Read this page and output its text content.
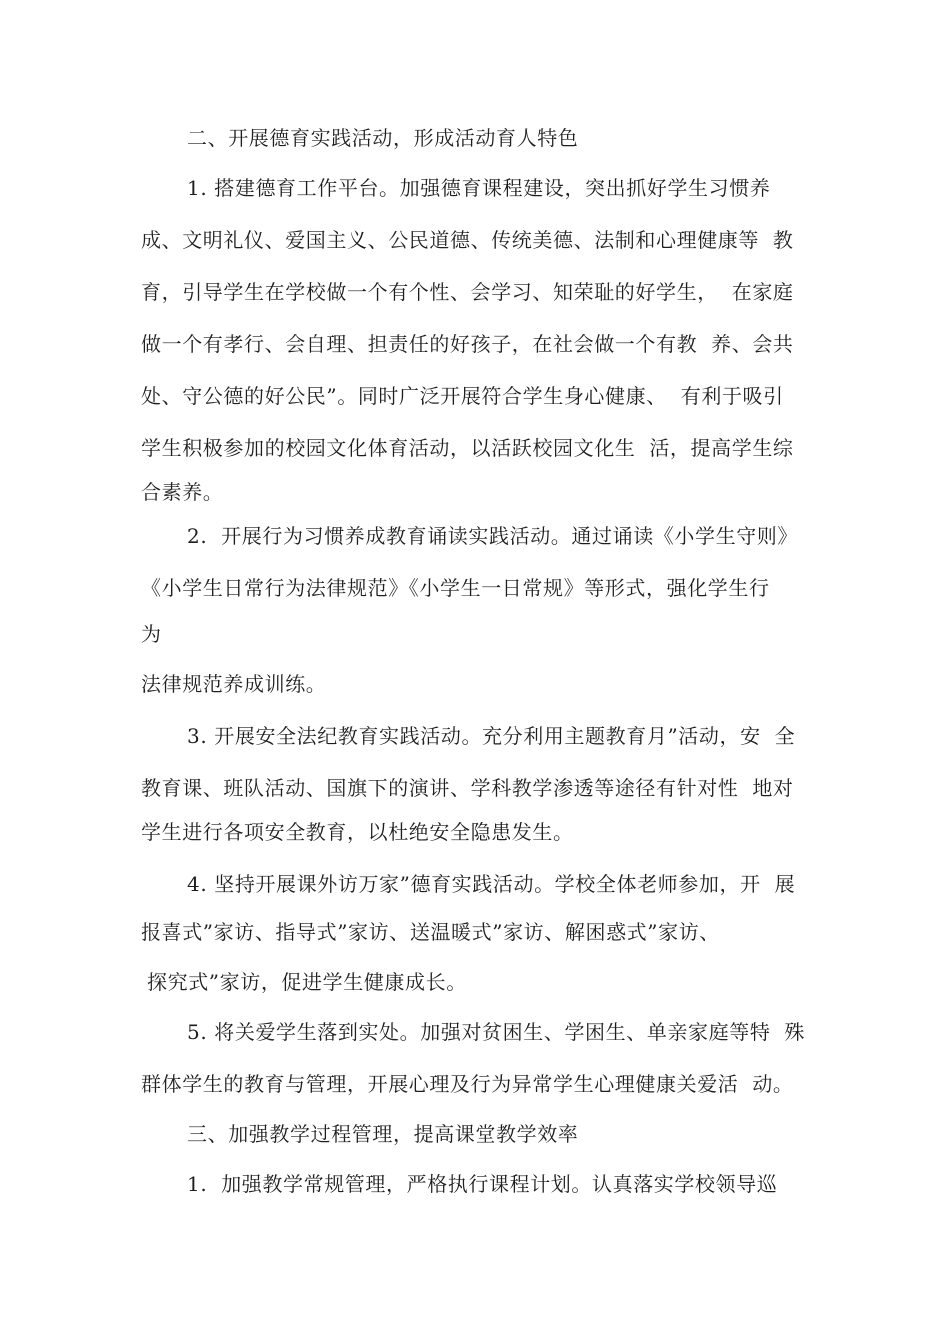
二、开展德育实践活动，形成活动育人特色

1. 搭建德育工作平台。加强德育课程建设，突出抓好学生习惯养

成、文明礼仪、爱国主义、公民道德、传统美德、法制和心理健康等  教

育，引导学生在学校做一个有个性、会学习、知荣耻的好学生，  在家庭

做一个有孝行、会自理、担责任的好孩子，在社会做一个有教  养、会共

处、守公德的好公民”。同时广泛开展符合学生身心健康、  有利于吸引

学生积极参加的校园文化体育活动，以活跃校园文化生  活，提高学生综

合素养。

2.  开展行为习惯养成教育诵读实践活动。通过诵读《小学生守则》

《小学生日常行为法律规范》《小学生一日常规》等形式，强化学生行

为

法律规范养成训练。

3. 开展安全法纪教育实践活动。充分利用主题教育月”活动，安  全

教育课、班队活动、国旗下的演讲、学科教学渗透等途径有针对性  地对

学生进行各项安全教育，以杜绝安全隐患发生。

4. 坚持开展课外访万家”德育实践活动。学校全体老师参加，开  展

报喜式”家访、指导式”家访、送温暖式”家访、解困惑式”家访、

探究式”家访，促进学生健康成长。

5. 将关爱学生落到实处。加强对贫困生、学困生、单亲家庭等特  殊

群体学生的教育与管理，开展心理及行为异常学生心理健康关爱活  动。

三、加强教学过程管理，提高课堂教学效率

1.  加强教学常规管理，严格执行课程计划。认真落实学校领导巡
